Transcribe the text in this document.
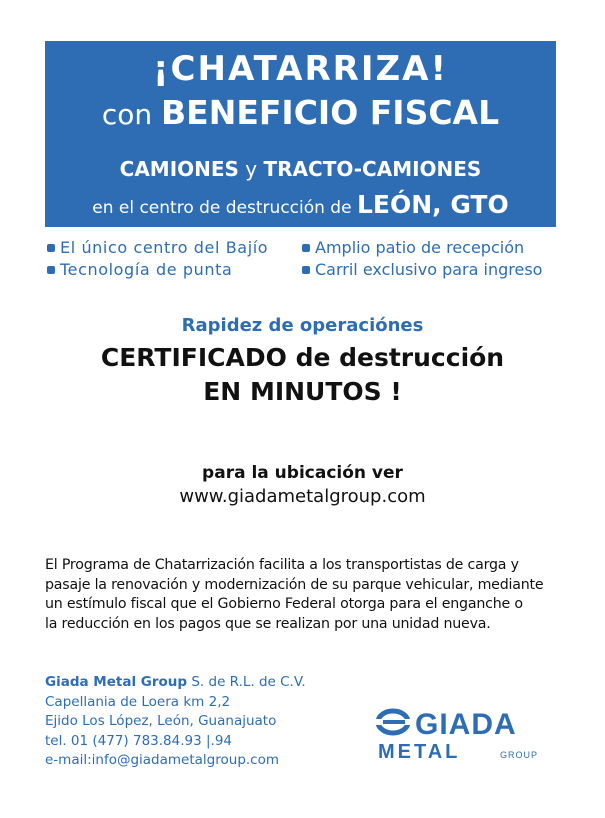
¡CHATARRIZA!
con BENEFICIO FISCAL
CAMIONES y TRACTO-CAMIONES
en el centro de destrucción de LEÓN, GTO
El único centro del Bajío
Tecnología de punta
Amplio patio de recepción
Carril exclusivo para ingreso
Rapidez de operaciónes
CERTIFICADO de destrucción
EN MINUTOS !
para la ubicación ver
www.giadametalgroup.com
El Programa de Chatarrización facilita a los transportistas de carga y
pasaje la renovación y modernización de su parque vehicular, mediante
un estímulo fiscal que el Gobierno Federal otorga para el enganche o
la reducción en los pagos que se realizan por una unidad nueva.
Giada Metal Group S. de R.L. de C.V.
Capellania de Loera km 2,2
Ejido Los López, León, Guanajuato
tel. 01 (477) 783.84.93 |.94
e-mail:info@giadametalgroup.com
GIADA
METAL	GROUP
